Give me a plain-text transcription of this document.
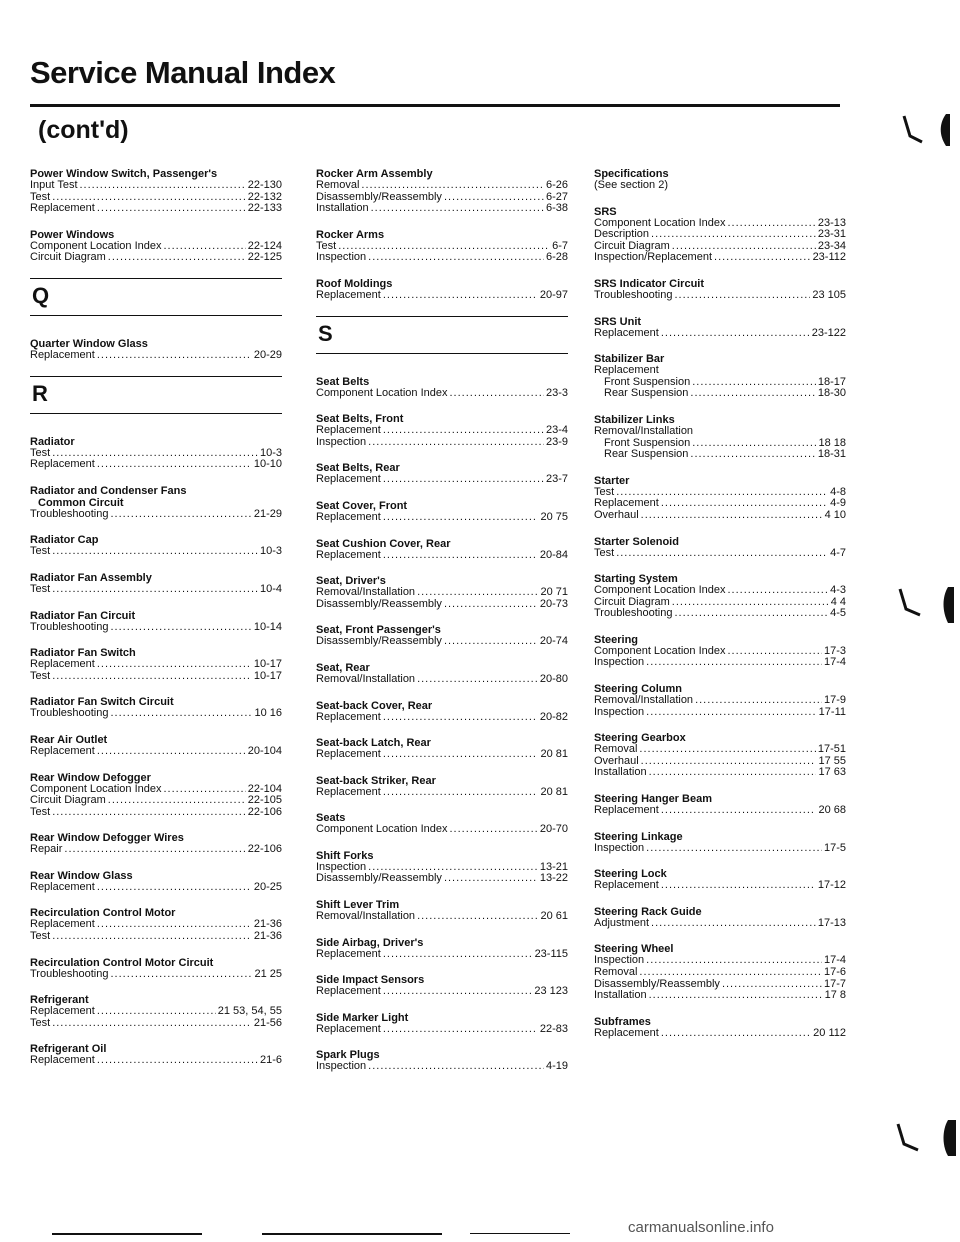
Service Manual Index
(cont'd)
Power Window Switch, Passenger's
Input Test .....	22-130
Test .....	22-132
Replacement .....	22-133
Power Windows
Component Location Index .....	22-124
Circuit Diagram .....	22-125
Q
Quarter Window Glass
Replacement .....	20-29
R
Radiator
Test .....	10-3
Replacement .....	10-10
Radiator and Condenser Fans
Common Circuit
Troubleshooting .....	21-29
Radiator Cap
Test .....	10-3
Radiator Fan Assembly
Test .....	10-4
Radiator Fan Circuit
Troubleshooting .....	10-14
Radiator Fan Switch
Replacement .....	10-17
Test .....	10-17
Radiator Fan Switch Circuit
Troubleshooting .....	10 16
Rear Air Outlet
Replacement .....	20-104
Rear Window Defogger
Component Location Index .....	22-104
Circuit Diagram .....	22-105
Test .....	22-106
Rear Window Defogger Wires
Repair .....	22-106
Rear Window Glass
Replacement .....	20-25
Recirculation Control Motor
Replacement .....	21-36
Test .....	21-36
Recirculation Control Motor Circuit
Troubleshooting .....	21 25
Refrigerant
Replacement .....	21 53, 54, 55
Test .....	21-56
Refrigerant Oil
Replacement .....	21-6
Rocker Arm Assembly
Removal .....	6-26
Disassembly/Reassembly .....	6-27
Installation .....	6-38
Rocker Arms
Test .....	6-7
Inspection .....	6-28
Roof Moldings
Replacement .....	20-97
S
Seat Belts
Component Location Index .....	23-3
Seat Belts, Front
Replacement .....	23-4
Inspection .....	23-9
Seat Belts, Rear
Replacement .....	23-7
Seat Cover, Front
Replacement .....	20 75
Seat Cushion Cover, Rear
Replacement .....	20-84
Seat, Driver's
Removal/Installation .....	20 71
Disassembly/Reassembly .....	20-73
Seat, Front Passenger's
Disassembly/Reassembly .....	20-74
Seat, Rear
Removal/Installation .....	20-80
Seat-back Cover, Rear
Replacement .....	20-82
Seat-back Latch, Rear
Replacement .....	20 81
Seat-back Striker, Rear
Replacement .....	20 81
Seats
Component Location Index .....	20-70
Shift Forks
Inspection .....	13-21
Disassembly/Reassembly .....	13-22
Shift Lever Trim
Removal/Installation .....	20 61
Side Airbag, Driver's
Replacement .....	23-115
Side Impact Sensors
Replacement .....	23 123
Side Marker Light
Replacement .....	22-83
Spark Plugs
Inspection .....	4-19
Specifications
(See section 2)
SRS
Component Location Index .....	23-13
Description .....	23-31
Circuit Diagram .....	23-34
Inspection/Replacement .....	23-112
SRS Indicator Circuit
Troubleshooting .....	23 105
SRS Unit
Replacement .....	23-122
Stabilizer Bar
Replacement
Front Suspension .....	18-17
Rear Suspension .....	18-30
Stabilizer Links
Removal/Installation
Front Suspension .....	18 18
Rear Suspension .....	18-31
Starter
Test .....	4-8
Replacement .....	4-9
Overhaul .....	4 10
Starter Solenoid
Test .....	4-7
Starting System
Component Location Index .....	4-3
Circuit Diagram .....	4 4
Troubleshooting .....	4-5
Steering
Component Location Index .....	17-3
Inspection .....	17-4
Steering Column
Removal/Installation .....	17-9
Inspection .....	17-11
Steering Gearbox
Removal .....	17-51
Overhaul .....	17 55
Installation .....	17 63
Steering Hanger Beam
Replacement .....	20 68
Steering Linkage
Inspection .....	17-5
Steering Lock
Replacement .....	17-12
Steering Rack Guide
Adjustment .....	17-13
Steering Wheel
Inspection .....	17-4
Removal .....	17-6
Disassembly/Reassembly .....	17-7
Installation .....	17 8
Subframes
Replacement .....	20 112
carmanualsonline.info
